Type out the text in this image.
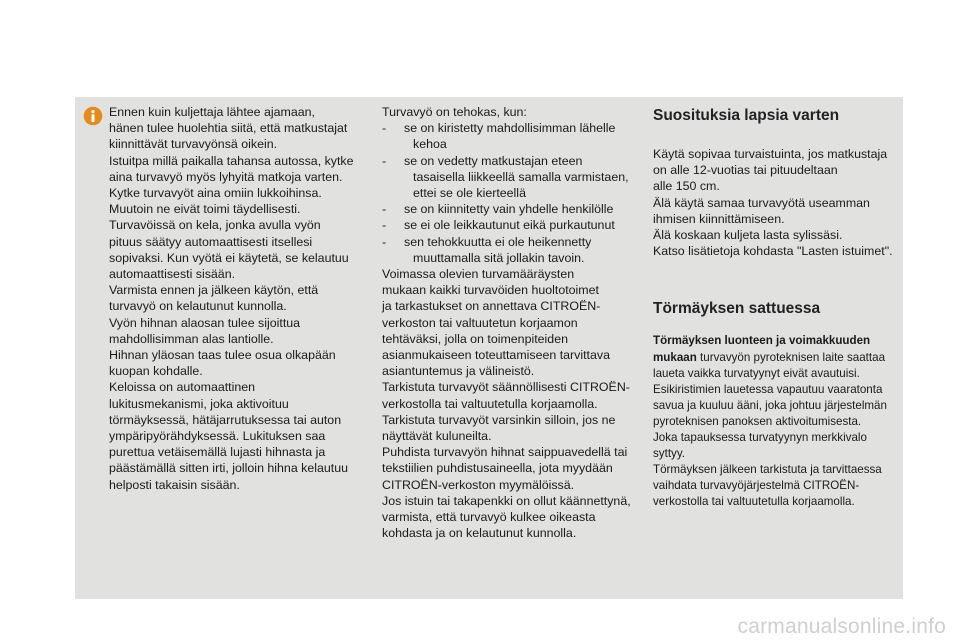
Ennen kuin kuljettaja lähtee ajamaan,

hänen tulee huolehtia siitä, että matkustajat

kiinnittävät turvavyönsä oikein.

Istuitpa millä paikalla tahansa autossa, kytke

aina turvavyö myös lyhyitä matkoja varten.

Kytke turvavyöt aina omiin lukkoihinsa.

Muutoin ne eivät toimi täydellisesti.

Turvavöissä on kela, jonka avulla vyön

pituus säätyy automaattisesti itsellesi

sopivaksi. Kun vyötä ei käytetä, se kelautuu

automaattisesti sisään.

Varmista ennen ja jälkeen käytön, että

turvavyö on kelautunut kunnolla.

Vyön hihnan alaosan tulee sijoittua

mahdollisimman alas lantiolle.

Hihnan yläosan taas tulee osua olkapään

kuopan kohdalle.

Keloissa on automaattinen

lukitusmekanismi, joka aktivoituu

törmäyksessä, hätäjarrutuksessa tai auton

ympäripyörähdyksessä. Lukituksen saa

purettua vetäisemällä lujasti hihnasta ja

päästämällä sitten irti, jolloin hihna kelautuu

helposti takaisin sisään.

Turvavyö on tehokas, kun:

-	se on kiristetty mahdollisimman lähelle

kehoa

-	se on vedetty matkustajan eteen

tasaisella liikkeellä samalla varmistaen,

ettei se ole kierteellä

-	se on kiinnitetty vain yhdelle henkilölle

-	se ei ole leikkautunut eikä purkautunut

-	sen tehokkuutta ei ole heikennetty

muuttamalla sitä jollakin tavoin.

Voimassa olevien turvamääräysten

mukaan kaikki turvavöiden huoltotoimet

ja tarkastukset on annettava CITROËN-

verkoston tai valtuutetun korjaamon

tehtäväksi, jolla on toimenpiteiden

asianmukaiseen toteuttamiseen tarvittava

asiantuntemus ja välineistö.

Tarkistuta turvavyöt säännöllisesti CITROËN-

verkostolla tai valtuutetulla korjaamolla.

Tarkistuta turvavyöt varsinkin silloin, jos ne

näyttävät kuluneilta.

Puhdista turvavyön hihnat saippuavedellä tai

tekstiilien puhdistusaineella, jota myydään

CITROËN-verkoston myymälöissä.

Jos istuin tai takapenkki on ollut käännettynä,

varmista, että turvavyö kulkee oikeasta

kohdasta ja on kelautunut kunnolla.

Suosituksia lapsia varten

Käytä sopivaa turvaistuinta, jos matkustaja

on alle 12-vuotias tai pituudeltaan

alle 150 cm.

Älä käytä samaa turvavyötä useamman

ihmisen kiinnittämiseen.

Älä koskaan kuljeta lasta sylissäsi.

Katso lisätietoja kohdasta "Lasten istuimet".

Törmäyksen sattuessa

Törmäyksen luonteen ja voimakkuuden

mukaan turvavyön pyroteknisen laite saattaa

laueta vaikka turvatyynyt eivät avautuisi.

Esikiristimien lauetessa vapautuu vaaratonta

savua ja kuuluu ääni, joka johtuu järjestelmän

pyroteknisen panoksen aktivoitumisesta.

Joka tapauksessa turvatyynyn merkkivalo

syttyy.

Törmäyksen jälkeen tarkistuta ja tarvittaessa

vaihdata turvavyöjärjestelmä CITROËN-

verkostolla tai valtuutetulla korjaamolla.

carmanualsonline.info
